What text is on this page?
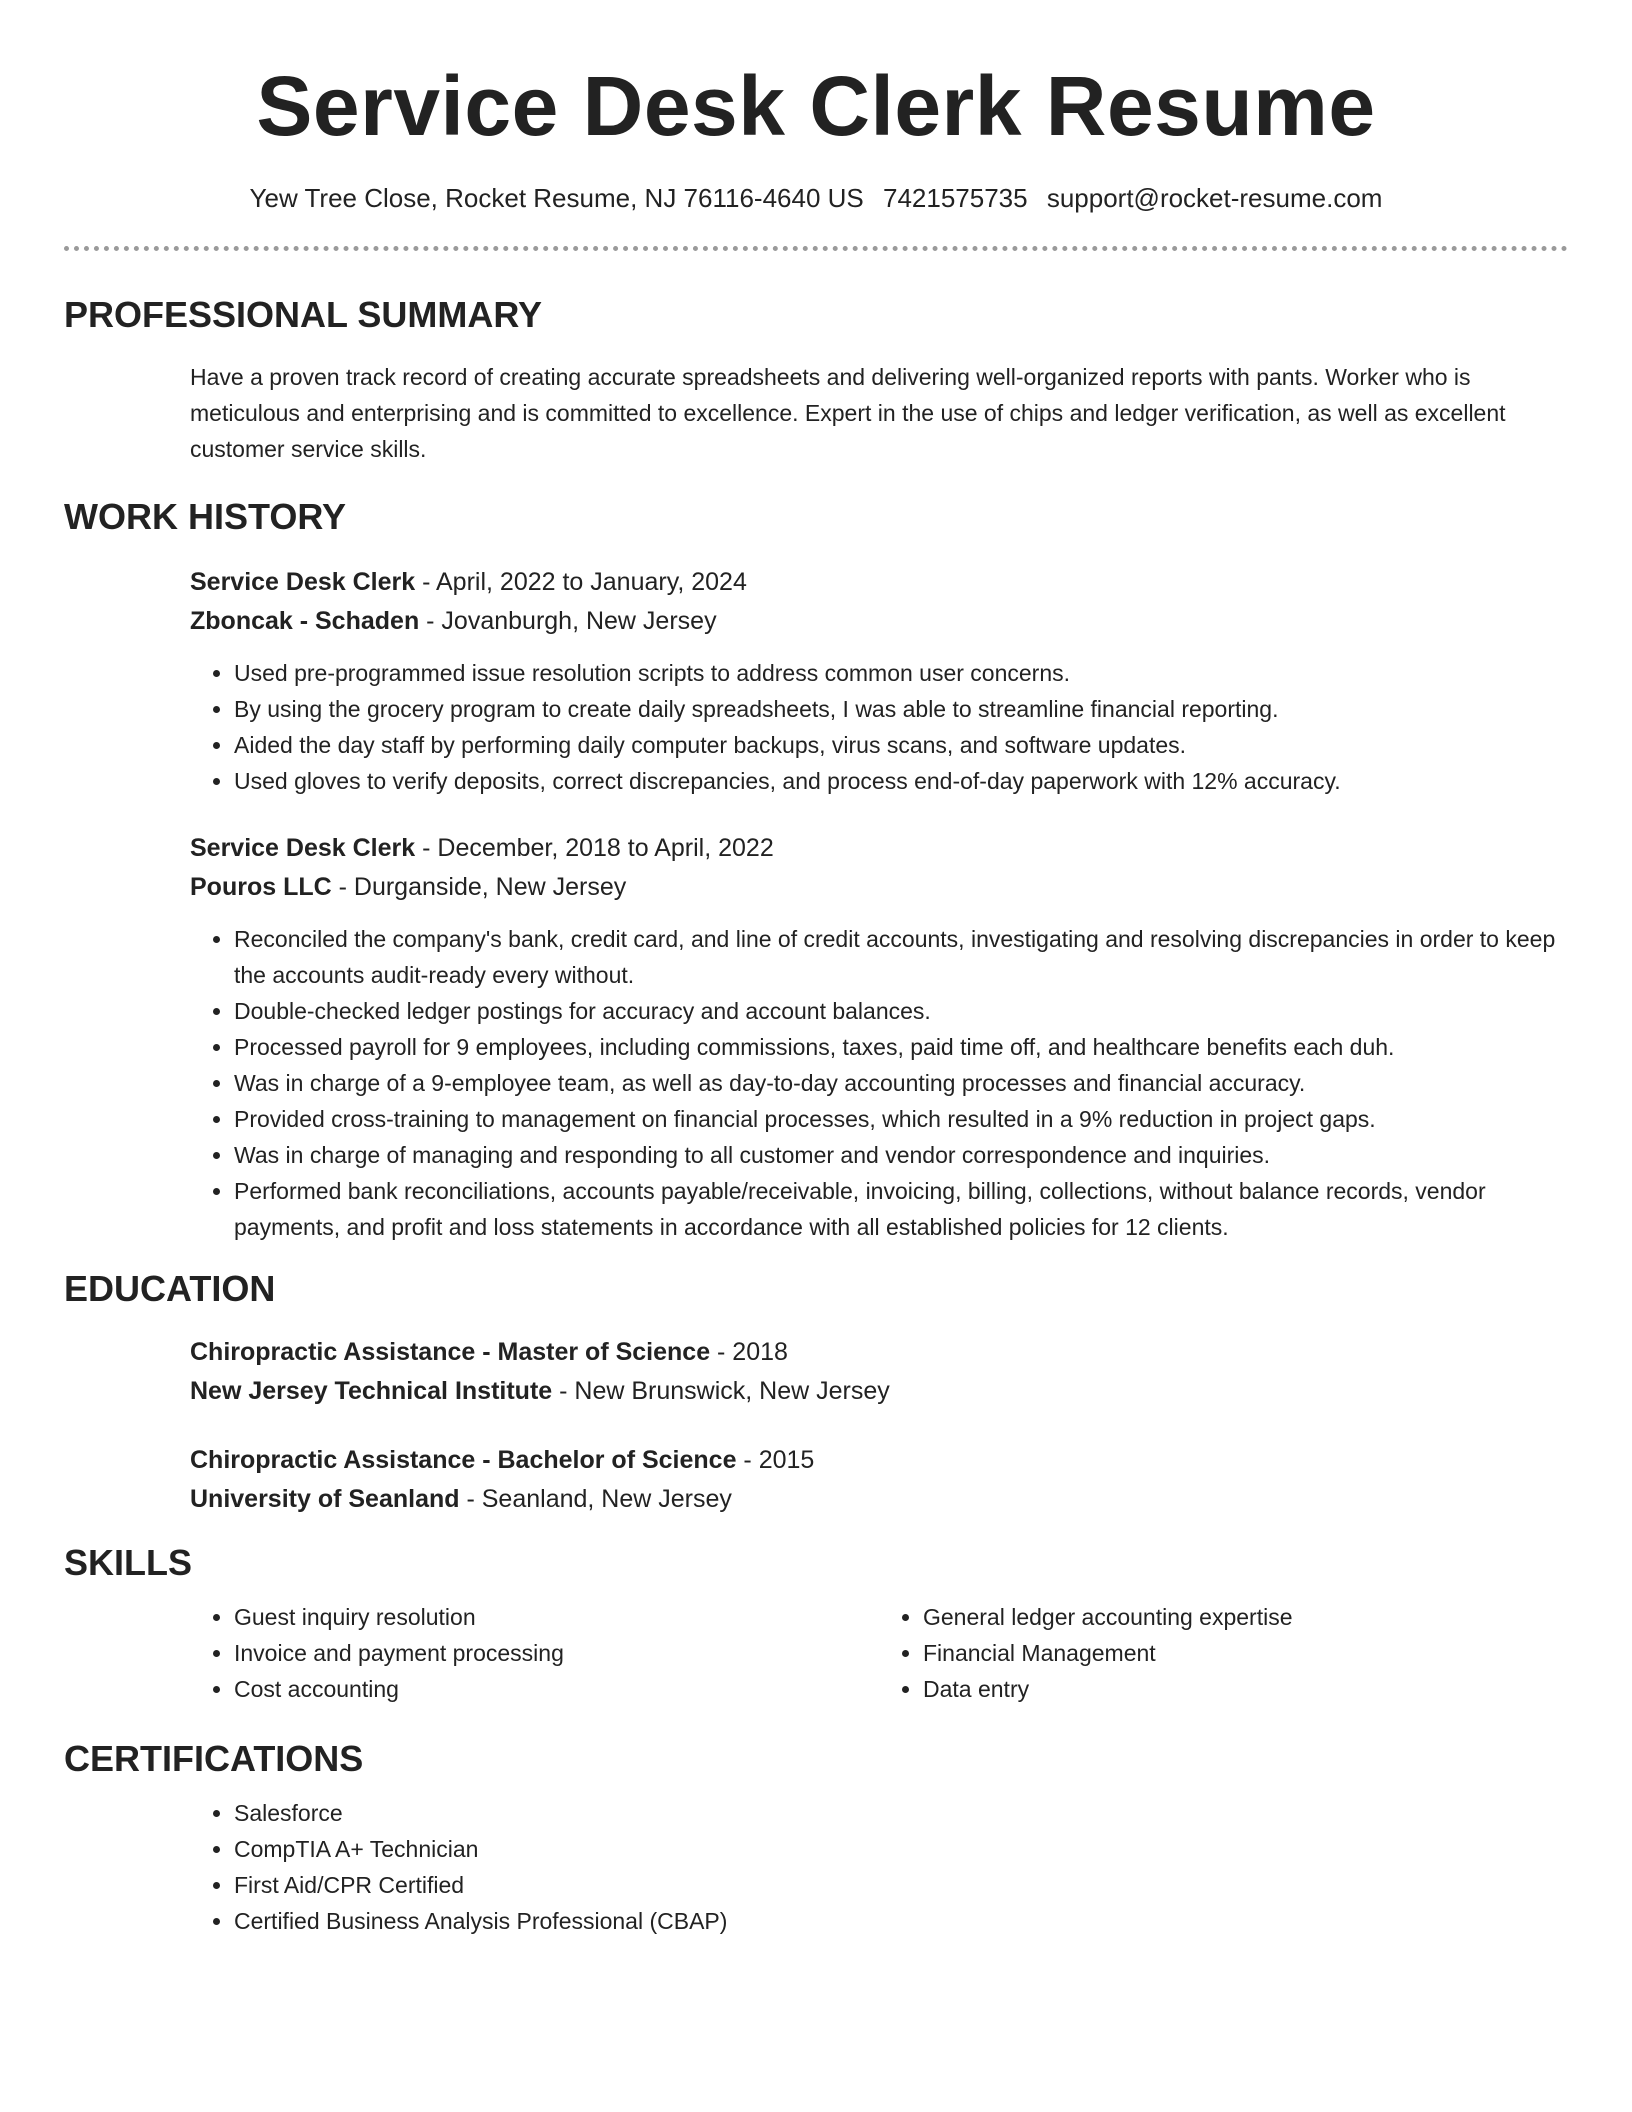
Service Desk Clerk Resume
Yew Tree Close, Rocket Resume, NJ 76116-4640 US 7421575735 support@rocket-resume.com
PROFESSIONAL SUMMARY
Have a proven track record of creating accurate spreadsheets and delivering well-organized reports with pants. Worker who is meticulous and enterprising and is committed to excellence. Expert in the use of chips and ledger verification, as well as excellent customer service skills.
WORK HISTORY
Service Desk Clerk - April, 2022 to January, 2024
Zboncak - Schaden - Jovanburgh, New Jersey
• Used pre-programmed issue resolution scripts to address common user concerns.
• By using the grocery program to create daily spreadsheets, I was able to streamline financial reporting.
• Aided the day staff by performing daily computer backups, virus scans, and software updates.
• Used gloves to verify deposits, correct discrepancies, and process end-of-day paperwork with 12% accuracy.
Service Desk Clerk - December, 2018 to April, 2022
Pouros LLC - Durganside, New Jersey
• Reconciled the company's bank, credit card, and line of credit accounts, investigating and resolving discrepancies in order to keep the accounts audit-ready every without.
• Double-checked ledger postings for accuracy and account balances.
• Processed payroll for 9 employees, including commissions, taxes, paid time off, and healthcare benefits each duh.
• Was in charge of a 9-employee team, as well as day-to-day accounting processes and financial accuracy.
• Provided cross-training to management on financial processes, which resulted in a 9% reduction in project gaps.
• Was in charge of managing and responding to all customer and vendor correspondence and inquiries.
• Performed bank reconciliations, accounts payable/receivable, invoicing, billing, collections, without balance records, vendor payments, and profit and loss statements in accordance with all established policies for 12 clients.
EDUCATION
Chiropractic Assistance - Master of Science - 2018
New Jersey Technical Institute - New Brunswick, New Jersey
Chiropractic Assistance - Bachelor of Science - 2015
University of Seanland - Seanland, New Jersey
SKILLS
• Guest inquiry resolution
• Invoice and payment processing
• Cost accounting
• General ledger accounting expertise
• Financial Management
• Data entry
CERTIFICATIONS
• Salesforce
• CompTIA A+ Technician
• First Aid/CPR Certified
• Certified Business Analysis Professional (CBAP)
